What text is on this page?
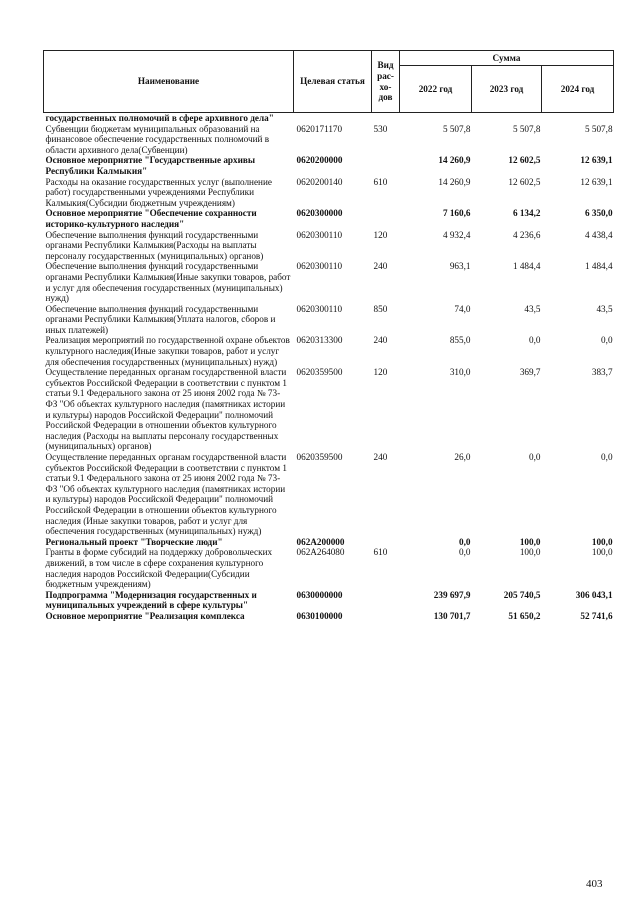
Наименование	Целевая статья	Вид рас-хо-дов	Сумма		
			2022 год	2023 год	2024 год
государственных полномочий в сфере архивного дела"					
Субвенции бюджетам муниципальных образований на финансовое обеспечение государственных полномочий в области архивного дела(Субвенции)	0620171170	530	5 507,8	5 507,8	5 507,8
Основное мероприятие "Государственные архивы Республики Калмыкия"	0620200000		14 260,9	12 602,5	12 639,1
Расходы на оказание государственных услуг (выполнение работ) государственными учреждениями Республики Калмыкия(Субсидии бюджетным учреждениям)	0620200140	610	14 260,9	12 602,5	12 639,1
Основное мероприятие "Обеспечение сохранности историко-культурного наследия"	0620300000		7 160,6	6 134,2	6 350,0
Обеспечение выполнения функций государственными органами Республики Калмыкия(Расходы на выплаты персоналу государственных (муниципальных) органов)	0620300110	120	4 932,4	4 236,6	4 438,4
Обеспечение выполнения функций государственными органами Республики Калмыкия(Иные закупки товаров, работ и услуг для обеспечения государственных (муниципальных) нужд)	0620300110	240	963,1	1 484,4	1 484,4
Обеспечение выполнения функций государственными органами Республики Калмыкия(Уплата налогов, сборов и иных платежей)	0620300110	850	74,0	43,5	43,5
Реализация мероприятий по государственной охране объектов культурного наследия(Иные закупки товаров, работ и услуг для обеспечения государственных (муниципальных) нужд)	0620313300	240	855,0	0,0	0,0
Осуществление переданных органам государственной власти субъектов Российской Федерации в соответствии с пунктом 1 статьи 9.1 Федерального закона от 25 июня 2002 года № 73-ФЗ "Об объектах культурного наследия (памятниках истории и культуры) народов Российской Федерации" полномочий Российской Федерации в отношении объектов культурного наследия (Расходы на выплаты персоналу государственных (муниципальных) органов)	0620359500	120	310,0	369,7	383,7
Осуществление переданных органам государственной власти субъектов Российской Федерации в соответствии с пунктом 1 статьи 9.1 Федерального закона от 25 июня 2002 года № 73-ФЗ "Об объектах культурного наследия (памятниках истории и культуры) народов Российской Федерации" полномочий Российской Федерации в отношении объектов культурного наследия (Иные закупки товаров, работ и услуг для обеспечения государственных (муниципальных) нужд)	0620359500	240	26,0	0,0	0,0
Региональный проект "Творческие люди"	062A200000		0,0	100,0	100,0
Гранты в форме субсидий на поддержку добровольческих движений, в том числе в сфере сохранения культурного наследия народов Российской Федерации(Субсидии бюджетным учреждениям)	062A264080	610	0,0	100,0	100,0
Подпрограмма "Модернизация государственных и муниципальных учреждений в сфере культуры"	0630000000		239 697,9	205 740,5	306 043,1
Основное мероприятие "Реализация комплекса	0630100000		130 701,7	51 650,2	52 741,6
403
